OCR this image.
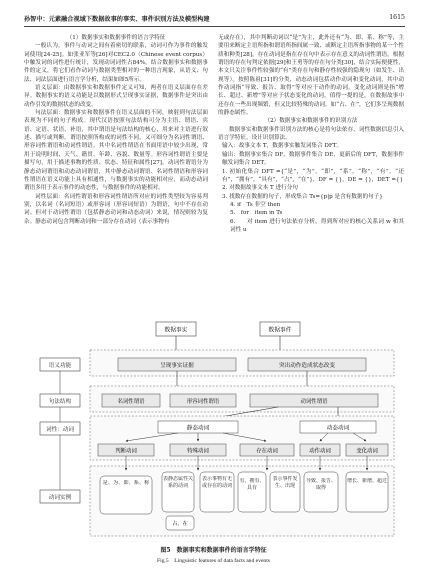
孙智中：元素融合视域下数据故事的事实、事件识别方法及模型构建	1615

（1）数据事实和数据事件的语言学特征

一般认为，事件与动词之间有着密切的联系，动词可作为事件的触发词使用[24-25]。如张亚军等[26]对CEC2.0（Chinese event corpus）中触发词的词性进行统计，发现动词词性占84%。结合数据事实和数据事件的定义，将它们看作动词与数据类型相对的一种语言现象，从语义、句法、词法层面进行语言学分析，结果如图5所示。

语义层面：由数据事实和数据事件定义可知，两者在语义层面存在差异。数据事实的语义功能是以数据形式呈现事实证据，数据事件是突出由动作引发的数据状态的改变。

句法层面：数据事实和数据事件在语义层面的不同，映射到句法层面表现为不同的句子构成。现代汉语按照句法结构可分为主语、谓语、宾语、定语、状语、补语，其中谓语是句法结构的核心，用来对主语进行叙述、描写或判断。谓语按照所构成的词性不同，又可细分为名词性谓语、形容词性谓语和动词性谓语。其中名词性谓语在书面用语中较少出现，常用于说明时间、天气、籍贯、年龄、容貌、数量等。形容词性谓语主要是描写句，用于描述事物的性质、状态、特征和属性[27]。动词性谓语分为静态动词谓语和动态动词谓语，其中静态动词谓语、名词性谓语和形容词性谓语在语义功能上具有相通性，与数据事实的功能相对应，而动态动词谓语多用于表示事件的动态性，与数据事件的功能相对。

词性层面：名词性谓语和形容词性谓语所对应的词性类型较为容易判别，以名词（名词短语）或形容词（形容词短语）为谓语，句中不存在动词。但对于动词性谓语（包括静态动词和动态动词）来说，情况则较为复杂。静态动词包含判断动词和一部分存在动词（表示事物有

无或存在），其中判断动词以“是”为主，此外还有“为、即、系、称”等，主要用来断定主语所指和谓语所指间属一致、或断定主语所指事物的某一个性质和种类[28]。存在动词是指在存在句中表示存在意义的动词性谓语。根据谓语的存在句判定依据[29]和王勇等的存在句分类[30]，结合实际便捷性，本文只关注事件性较强的“有”类存在句和静存性较强的隐现句（如发生、出现等）。按照陈祖[31]的分类，动态动词包括动作动词和变化动词，其中动作动词指“导致、报告、取得”等对应于动作的动词，变化动词则是指“增长、超过、新增”等对应于状态变化的动词。值得一提的是，在数据故事中还存在一些出现频繁，但又比较特殊的动词，如“占、在”，它们多呈现数据的静态属性。

（2）数据事实和数据事件的识别方法

数据事实和数据事件识别方法的核心是将句法依存、词性数据信息引入语言学特征，设计识别算法。

输入：故事文本 T，数据事实触发词集合 DFT。

输出：数据事实集合 DF，数据事件集合 DE，更新后的 DFT，数据事件触发词集合 DET。

1. 初始化集合 DFT ={“是”，“为”，“即”，“系”，“称”，“有”，“还有”，“拥有”，“具有”，“占”，“在”}，DF = {}，DE = {}，DET ={}

2. 对数据故事文本 T 进行分句

3. 找数存在数据的句子，形成集合 Ts={p|p 是含有数据的句子}

4. if　Ts 非空 then

5.　for　item in Ts

6.　　对 item 进行句法依存分析，得到所对应的核心关系词 w 和其词性 u

语义功能
句法结构
词性：动词
动词实例
数据事实	数据事件
呈现事实证据	突出动作造成状态改变
名词性谓语	形容词性谓语	动词性谓语
静态动词	动态动词
判断动词	特殊动词	存在动词	动作动词	变化动词
是、为、即、系、称
表静态属性关系的动词
表示事物有无或存在的动词
占、在
有、拥有、具有
表示事件发生、出现
导致、报告、取得
增长、新增、超过
图5　数据事实和数据事件的语言学特征
Fig.5　Linguistic features of data facts and events
